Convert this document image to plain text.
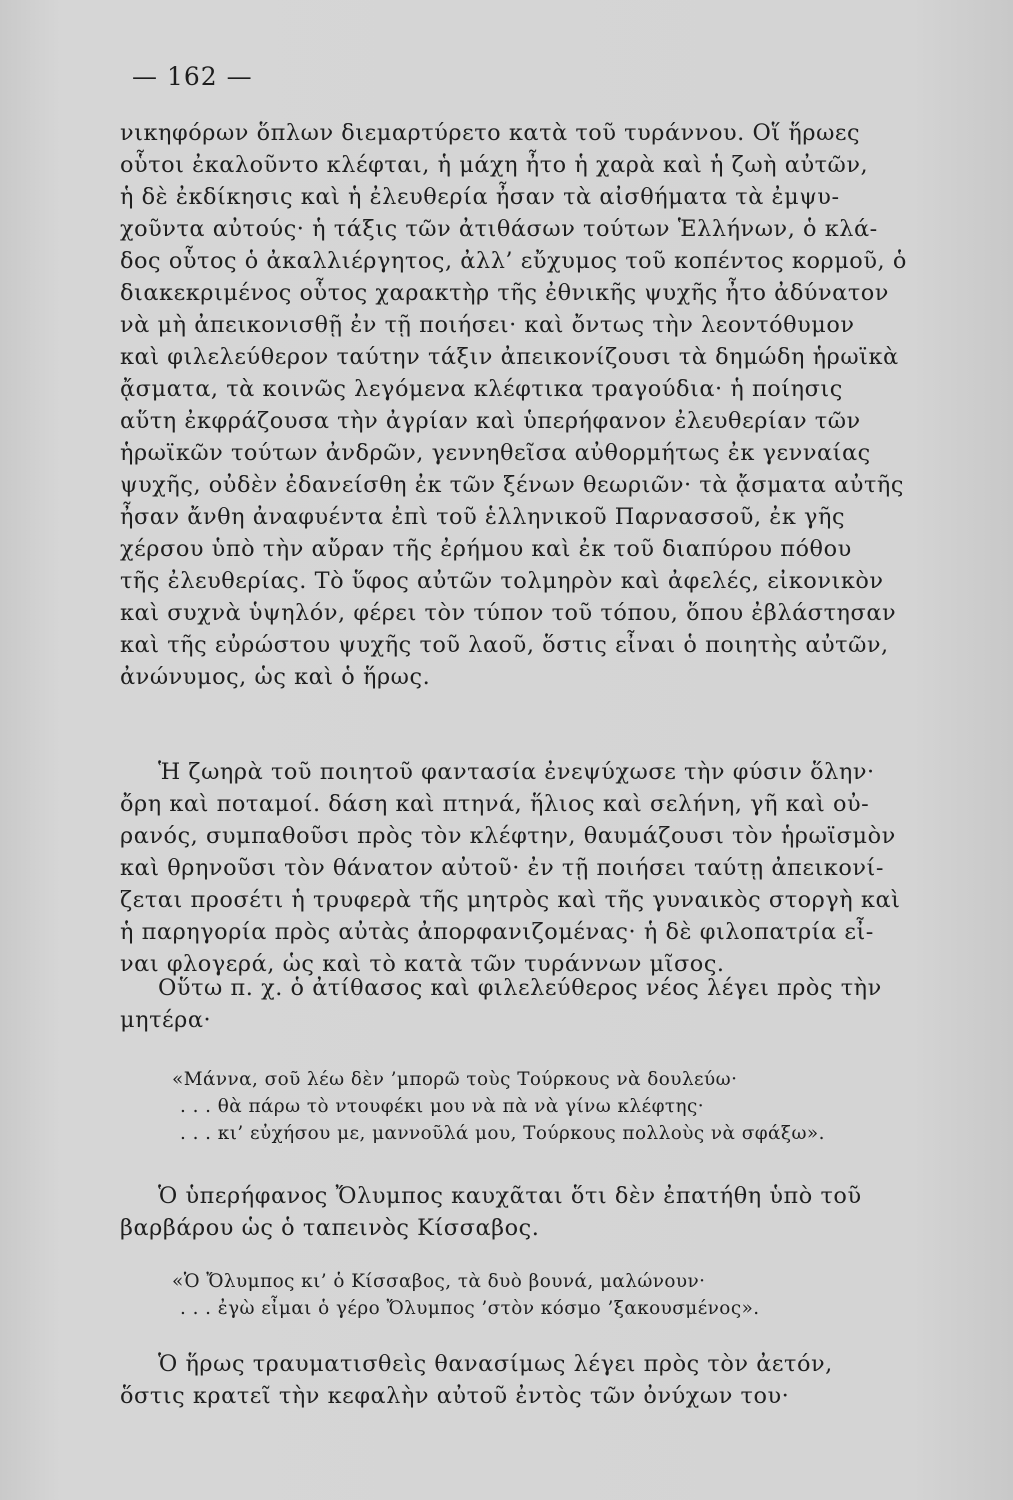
— 162 —
νικηφόρων ὅπλων διεμαρτύρετο κατὰ τοῦ τυράννου. Οἵ ἥρωες
οὗτοι ἐκαλοῦντο κλέφται, ἡ μάχη ἦτο ἡ χαρὰ καὶ ἡ ζωὴ αὐτῶν,
ἡ δὲ ἐκδίκησις καὶ ἡ ἐλευθερία ἦσαν τὰ αἰσθήματα τὰ ἐμψυ-
χοῦντα αὐτούς· ἡ τάξις τῶν ἀτιθάσων τούτων Ἑλλήνων, ὁ κλά-
δος οὗτος ὁ ἀκαλλιέργητος, ἀλλ’ εὔχυμος τοῦ κοπέντος κορμοῦ, ὁ
διακεκριμένος οὗτος χαρακτὴρ τῆς ἐθνικῆς ψυχῆς ἦτο ἀδύνατον
νὰ μὴ ἀπεικονισθῇ ἐν τῇ ποιήσει· καὶ ὄντως τὴν λεοντόθυμον
καὶ φιλελεύθερον ταύτην τάξιν ἀπεικονίζουσι τὰ δημώδη ἡρωϊκὰ
ᾄσματα, τὰ κοινῶς λεγόμενα κλέφτικα τραγούδια· ἡ ποίησις
αὕτη ἐκφράζουσα τὴν ἀγρίαν καὶ ὑπερήφανον ἐλευθερίαν τῶν
ἡρωϊκῶν τούτων ἀνδρῶν, γεννηθεῖσα αὐθορμήτως ἐκ γενναίας
ψυχῆς, οὐδὲν ἐδανείσθη ἐκ τῶν ξένων θεωριῶν· τὰ ᾄσματα αὐτῆς
ἦσαν ἄνθη ἀναφυέντα ἐπὶ τοῦ ἑλληνικοῦ Παρνασσοῦ, ἐκ γῆς
χέρσου ὑπὸ τὴν αὔραν τῆς ἐρήμου καὶ ἐκ τοῦ διαπύρου πόθου
τῆς ἐλευθερίας. Τὸ ὕφος αὐτῶν τολμηρὸν καὶ ἀφελές, εἰκονικὸν
καὶ συχνὰ ὑψηλόν, φέρει τὸν τύπον τοῦ τόπου, ὅπου ἐβλάστησαν
καὶ τῆς εὐρώστου ψυχῆς τοῦ λαοῦ, ὅστις εἶναι ὁ ποιητὴς αὐτῶν,
ἀνώνυμος, ὡς καὶ ὁ ἥρως.
Ἡ ζωηρὰ τοῦ ποιητοῦ φαντασία ἐνεψύχωσε τὴν φύσιν ὅλην·
ὄρη καὶ ποταμοί. δάση καὶ πτηνά, ἥλιος καὶ σελήνη, γῆ καὶ οὐ-
ρανός, συμπαθοῦσι πρὸς τὸν κλέφτην, θαυμάζουσι τὸν ἡρωϊσμὸν
καὶ θρηνοῦσι τὸν θάνατον αὐτοῦ· ἐν τῇ ποιήσει ταύτῃ ἀπεικονί-
ζεται προσέτι ἡ τρυφερὰ τῆς μητρὸς καὶ τῆς γυναικὸς στοργὴ καὶ
ἡ παρηγορία πρὸς αὐτὰς ἀπορφανιζομένας· ἡ δὲ φιλοπατρία εἶ-
ναι φλογερά, ὡς καὶ τὸ κατὰ τῶν τυράννων μῖσος.
Οὕτω π. χ. ὁ ἀτίθασος καὶ φιλελεύθερος νέος λέγει πρὸς τὴν
μητέρα·
«Μάννα, σοῦ λέω δὲν ’μπορῶ τοὺς Τούρκους νὰ δουλεύω·
. . . θὰ πάρω τὸ ντουφέκι μου νὰ πὰ νὰ γίνω κλέφτης·
. . . κι’ εὐχήσου με, μαννοῦλά μου, Τούρκους πολλοὺς νὰ σφάξω».
Ὁ ὑπερήφανος Ὄλυμπος καυχᾶται ὅτι δὲν ἐπατήθη ὑπὸ τοῦ
βαρβάρου ὡς ὁ ταπεινὸς Κίσσαβος.
«Ὁ Ὄλυμπος κι’ ὁ Κίσσαβος, τὰ δυὸ βουνά, μαλώνουν·
. . . ἐγὼ εἶμαι ὁ γέρο Ὄλυμπος ’στὸν κόσμο ’ξακουσμένος».
Ὁ ἥρως τραυματισθεὶς θανασίμως λέγει πρὸς τὸν ἀετόν,
ὅστις κρατεῖ τὴν κεφαλὴν αὐτοῦ ἐντὸς τῶν ὀνύχων του·
